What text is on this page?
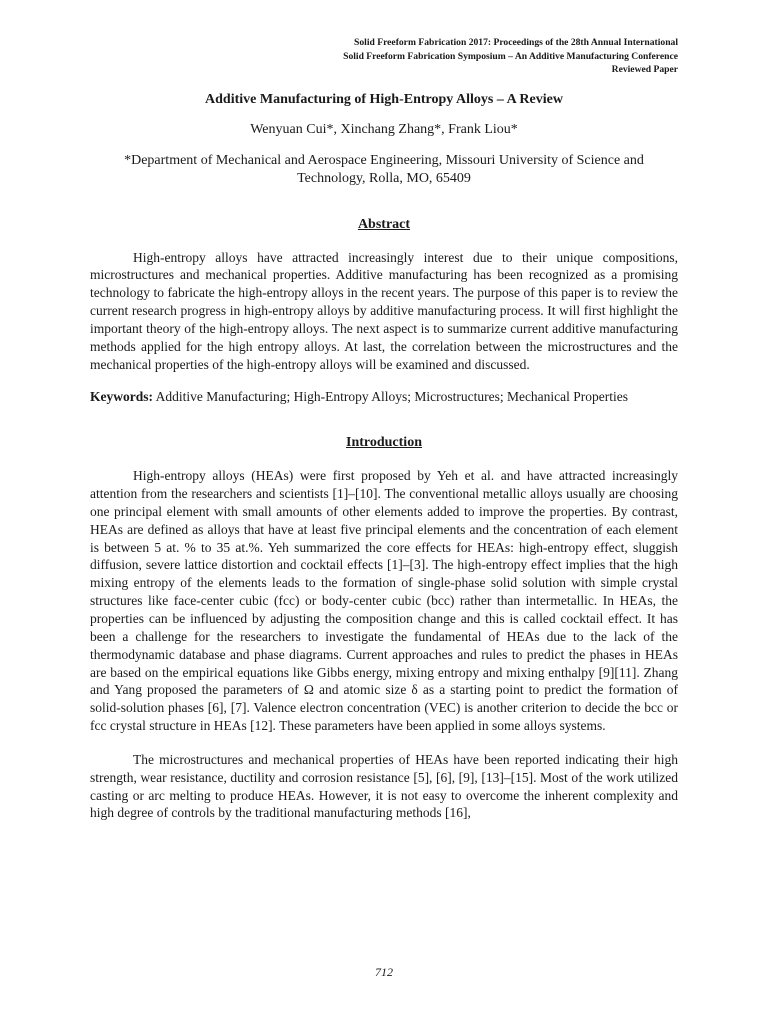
Solid Freeform Fabrication 2017: Proceedings of the 28th Annual International
Solid Freeform Fabrication Symposium – An Additive Manufacturing Conference
Reviewed Paper
Additive Manufacturing of High-Entropy Alloys – A Review
Wenyuan Cui*, Xinchang Zhang*, Frank Liou*
*Department of Mechanical and Aerospace Engineering, Missouri University of Science and Technology, Rolla, MO, 65409
Abstract

High-entropy alloys have attracted increasingly interest due to their unique compositions, microstructures and mechanical properties. Additive manufacturing has been recognized as a promising technology to fabricate the high-entropy alloys in the recent years. The purpose of this paper is to review the current research progress in high-entropy alloys by additive manufacturing process. It will first highlight the important theory of the high-entropy alloys. The next aspect is to summarize current additive manufacturing methods applied for the high entropy alloys. At last, the correlation between the microstructures and the mechanical properties of the high-entropy alloys will be examined and discussed.

Keywords: Additive Manufacturing; High-Entropy Alloys; Microstructures; Mechanical Properties

Introduction

High-entropy alloys (HEAs) were first proposed by Yeh et al. and have attracted increasingly attention from the researchers and scientists [1]–[10]. The conventional metallic alloys usually are choosing one principal element with small amounts of other elements added to improve the properties. By contrast, HEAs are defined as alloys that have at least five principal elements and the concentration of each element is between 5 at. % to 35 at.%. Yeh summarized the core effects for HEAs: high-entropy effect, sluggish diffusion, severe lattice distortion and cocktail effects [1]–[3]. The high-entropy effect implies that the high mixing entropy of the elements leads to the formation of single-phase solid solution with simple crystal structures like face-center cubic (fcc) or body-center cubic (bcc) rather than intermetallic. In HEAs, the properties can be influenced by adjusting the composition change and this is called cocktail effect. It has been a challenge for the researchers to investigate the fundamental of HEAs due to the lack of the thermodynamic database and phase diagrams. Current approaches and rules to predict the phases in HEAs are based on the empirical equations like Gibbs energy, mixing entropy and mixing enthalpy [9][11]. Zhang and Yang proposed the parameters of Ω and atomic size δ as a starting point to predict the formation of solid-solution phases [6], [7]. Valence electron concentration (VEC) is another criterion to decide the bcc or fcc crystal structure in HEAs [12]. These parameters have been applied in some alloys systems.

The microstructures and mechanical properties of HEAs have been reported indicating their high strength, wear resistance, ductility and corrosion resistance [5], [6], [9], [13]–[15]. Most of the work utilized casting or arc melting to produce HEAs. However, it is not easy to overcome the inherent complexity and high degree of controls by the traditional manufacturing methods [16],

712
